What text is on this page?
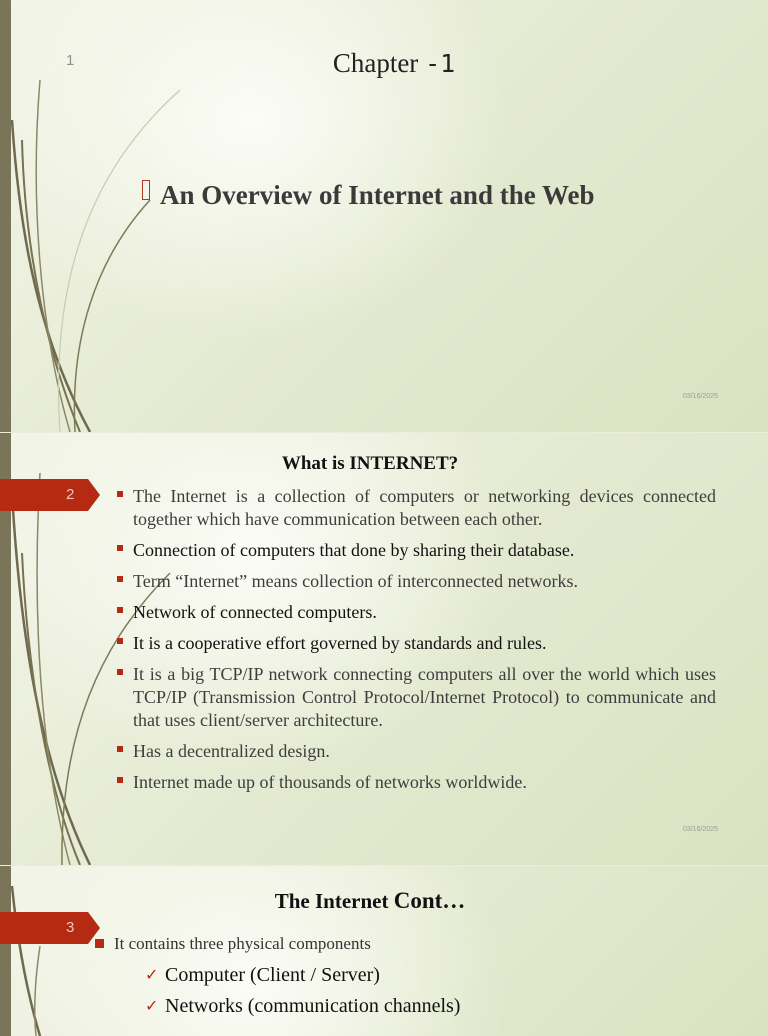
1	Chapter -1
An Overview of Internet and the Web
03/16/2025
2
What is INTERNET?
The Internet is a collection of computers or networking devices connected together which have communication between each other.
Connection of computers that done by sharing their database.
Term “Internet” means collection of interconnected networks.
Network of connected computers.
It is a cooperative effort governed by standards and rules.
It is a big TCP/IP network connecting computers all over the world which uses TCP/IP (Transmission Control Protocol/Internet Protocol) to communicate and that uses client/server architecture.
Has a decentralized design.
Internet made up of thousands of networks worldwide.
03/16/2025
3
The Internet Cont…
It contains three physical components
✓ Computer (Client / Server)
✓ Networks (communication channels)
